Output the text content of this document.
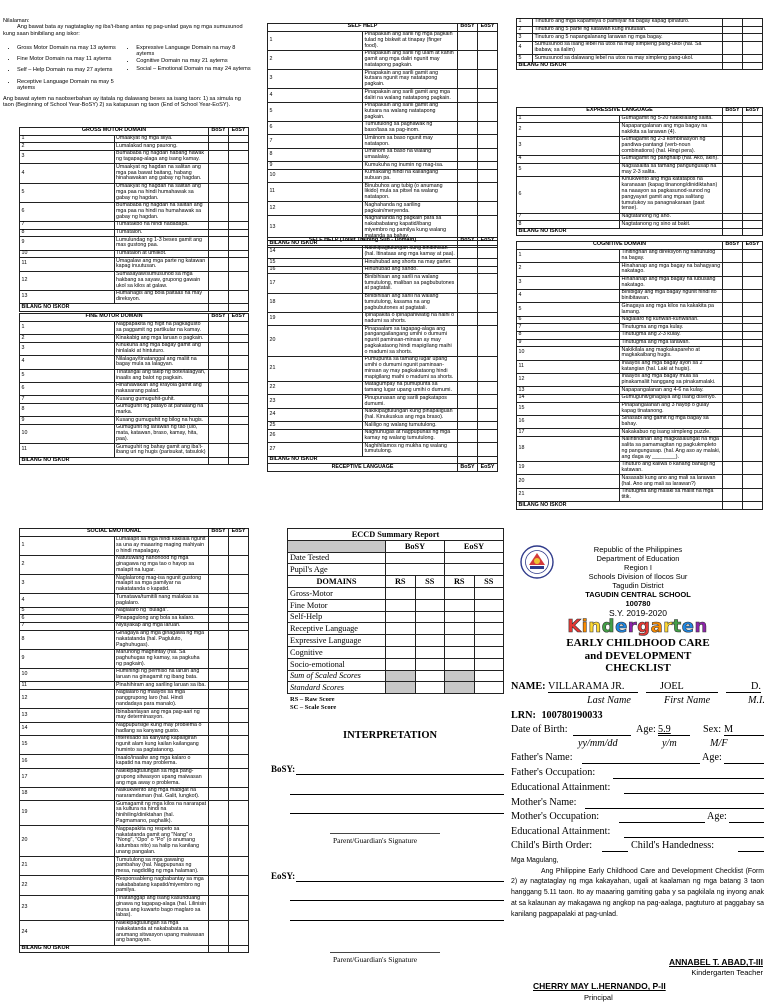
Nilalaman:
Ang bawat bata ay nagtataglay ng iba't-ibang antas ng pag-unlad gaya ng mga sumusunod kung saan binibilang ang iskor:
• Gross Motor Domain na may 13 aytems
• Fine Motor Domain na may 11 aytems
• Self – Help Domain na may 27 aytems
• Receptive Language Domain na may 5 aytems
• Expressive Language Domain na may 8 aytems
• Cognitive Domain na may 21 aytems
• Social – Emotional Domain na may 24 aytems
Ang bawat aytem na naobserbahan ay itatala ng dalawang beses sa isang taon: 1) sa simula ng taon (Beginning of School Year-BoSY) 2) sa katapusan ng taon (End of School Year-EoSY).
GROSS MOTOR DOMAIN		BoSY	EoSY
1	Umaakyat ng mga silya.		
2	Lumalakad nang paurong.		
3	Bumababa ng hagdan habang hawak ng tagapag-alaga ang isang kamay.		
4	Umaakyat ng hagdan na salitan ang mga paa bawat baitang, habang hinahawakan ang gabay ng hagdan.		
5	Umaakyat ng hagdan na salitan ang mga paa na hindi humahawak sa gabay ng hagdan.		
6	Bumababa ng hagdan na salitan ang mga paa na hindi na humahawak sa gabay ng hagdan.		
7	Tumatakbo na hindi nadadapa.		
8	Tumatalon.		
9	Lumulundag ng 1-3 beses gamit ang mas gustong paa.		
10	Tumatalon at umiikot.		
11	Umagalaw ang mga parte ng katawan kapag inuutusan.		
12	Sumasayaw/sumusunod sa mga hakbang sa sayaw, grupong gawain ukol sa kilos at galaw.		
13	Humahagis ang bola paitaas na may direksyon.		
BILANG NO ISKOR			
FINE MOTOR DOMAIN		BoSY	EoSY
1	Nagpapakita ng higit na pagkagusto sa paggamit ng partikular na kamay.		
2	Kinakabig ang mga laruan o pagkain.		
3	Kinukuha ang mga bagay gamit ang hinlalaki at hintuturo.		
4	Nilalagay/tinatanggal ang maliit na bagay mula sa lalagyan.		
5	Tinatangal ang takip ng bote/lalagyan, inaalis ang balot ng pagkain.		
6	Hinahawakan ang krayola gamit ang nakasarang palad.		
7	Kusang gumuguhit-guhit.		
8	Gumuguhit ng patayo at pahalang na marka.		
9	Kusang gumuguhit ng bilog na hugis.		
10	Gumuguhit ng larawan ng tao (ulo, mata, katawan, braso, kamay, hita, paa).		
11	Gumuguhit ng bahay gamit ang iba't-ibang uri ng hugis (parisukat, tatsulok)		
BILANG NO ISKOR			
SELF HELP		BoSY	EoSY
1	Pinapakain ang sarili ng mga pagkain tulad ng biskwit at tinapay (finger food).		
2	Pinapakain ang sarili ng ulam at kanin gamit ang mga daliri ngunit may natatapong pagkain.		
3	Pinapakain ang sarili gamit ang kutsara ngunit may natatapong pagkain.		
4	Pinapakain ang sarili gamit ang mga daliri na walang natatapong pagkain.		
5	Pinapakain ang sarili gamit ang kutsara na walang natatapong pagkain.		
6	Tumutulong sa paghawak ng baso/tasa sa pag-inom.		
7	Umiinom sa baso ngunit may natatapon.		
8	Umiinom sa baso na walang umaalalay.		
9	Kumukuha ng inumin ng mag-isa.		
10	Kumakaing hindi na kailangang subuan pa.		
11	Binubuhos ang tubig (o anumang likido) mula sa pitsel na walang natatapon.		
12	Naghahanda ng sariling pagkain/meryenda.		
13	Naghahanda ng pagkain para sa nakababatang kapatid/ibang miyembro ng pamilya kung walang matanda sa bahay.		
BILANG NO ISKOR			
SELF HELP (Toilet Training Sub - Domain)		BoSY	EoSY
14	Nakikipagtulungan kung binibihisan (hal. Itinataas ang mga kamay at paa).		
15	Hinuhubad ang shorts na may garter.		
16	Hinuhubad ang sando.		
17	Binibihisan ang sarili na walang tumutulong, maliban sa pagbubutones at pagtatali.		
18	Binibihisan ang sarili na walang tumutulong, kasama na ang pagbubutones at pagtatali.		
19	Ipinapakita o ipinapahiwatig na naihi o nadumi sa shorts.		
20	Pinapaalam sa tagapag-alaga ang pangangailangang umihi o dumumi ngunit paminsan-minsan ay may pagkakataong hindi mapigilang maihi o madumi sa shorts.		
21	Pumupunta sa tamang lugar upang umihi o dumumi ngunit paminsan-minsan ay may pagkakataong hindi mapigilang maihi o madumi sa shorts.		
22	Matagumpay na pumupunta sa tamang lugar upang umihi o dumumi.		
23	Pinupunasan ang sarili pagkatapos dumumi.		
24	Nakikipagtulungan kung pinapaliguan (hal. Kinukuskus ang mga braso).		
25	Naliligo ng walang tumutulong.		
26	Naghuhugas at nagpupunas ng mga kamay ng walang tumutulong.		
27	Naghihilamos ng mukha ng walang tumutulong.		
BILANG NO ISKOR			
RECEPTIVE LANGUAGE		BoSY	EoSY
1	Tinuturo ang mga kapamilya o pamilyar na bagay kapag ipinaturo.		
2	Tinuturo ang 5 parte ng katawan kung inutusan.		
3	Tinuturo ang 5 napangalanang larawan ng mga bagay.		
4	Sumusunod sa isang lebel na utos na may simpleng pang-ukol (hal. Sa ibabaw, sa ilalim)		
5	Sumusunod sa dalawang lebel na utos na may simpleng pang-ukol.		
BILANG NO ISKOR			
EXPRESSIVE LANGUAGE		BoSY	EoSY
1	Gumagamit ng 5-20 nakikilalang salita.		
2	Napapangalanan ang mga bagay na nakikita sa larawan (4).		
3	Gumagamit ng 2-3 kombinasyon ng pandiwa-pantangi (verb-noun combinations) (hal. Hingi pera).		
4	Gumagamit ng panghalip (hal. Ako, akin).		
5	Nagsasalita sa tamang pangungusap na may 2-3 salita.		
6	Kinukwento ang mga katatapos na karanasan (kapag tinanong/dinidiktahan) na naaayon sa pagkasunod-sunod ng pangyayari gamit ang mga salitang tumutukoy sa panagnakaraan (past tense).		
7	Nagtatanong ng ano.		
8	Nagtatanong ng sino at bakit.		
BILANG NO ISKOR			
COGNITIVE DOMAIN		BoSY	EoSY
1	Tinitingnan ang direksyon ng nahuhulog na bagay.		
2	Hinahanap ang mga bagay na bahagyang nakatago.		
3	Hinahanap ang mga bagay na lubusang nakatago.		
4	Binibigay ang mga bagay ngunit hindi ito binibitawan.		
5	Ginagaya ang mga kilos na kakakita pa lamang.		
6	Naglalaro ng kunwari-kunwarian.		
7	Tinutugma ang mga kulay.		
8	Tinutugma ang 2-3 kulay.		
9	Tinutugma ang mga larawan.		
10	Nakikilala ang magkakapareho at magkakaibang hugis.		
11	Inaayos ang mga bagay ayon sa 2 katangian (hal. Laki at hugis).		
12	Inaayos ang mga bagay mula sa pinakamaliit hanggang sa pinakamalaki.		
13	Napapangalanan ang 4-6 na kulay.		
14	Gumuguhit/ginagaya ang isang disenyo.		
15	Pinapangalanan ang 3 hayop o gulay kapag tinatanong.		
16	Sinasabi ang gamit ng mga bagay sa bahay.		
17	Nakakabuo ng isang simpleng puzzle.		
18	Naiintindihan ang magkasalungat na mga salita sa pamamagitan ng pagkukmpleto ng pangungusap. (hal. Ang aso ay malaki, ang daga ay ________).		
19	Tinuturo ang kaliwa o kanang bahagi ng katawan.		
20	Nasasabi kung ano ang mali sa larawan (hal. Ano ang mali sa larawan?)		
21	Tinutugma ang malaki sa maliit na mga titik.		
BILANG NO ISKOR			
SOCIAL EMOTIONAL		BoSY	EoSY
1	Lumalapit sa mga hindi kakilala ngunit sa una ay maaaring maging mahiyain o hindi mapalagay.		
2	Natutuwang nanonood ng mga ginagawa ng mga tao o hayop sa malapit na lugar.		
3	Naglalarong mag-isa ngunit gustong malapit sa mga pamilyar na nakatatanda o kapatid.		
4	Tumatawa/tumitili nang malakas sa paglalaro.		
5	Naglalaro ng "bulaga".		
6	Pinapagulong ang bola sa kalaro.		
7	Niyayakap ang mga laruan.		
8	Ginagaya ang mga ginagawa ng mga nakatatanda (hal. Pagluluto, Paghuhugas).		
9	Marunong maghintay (hal. Sa paghuhugas ng kamay, sa pagkuha ng pagkain).		
10	Humihingi ng permiso na laruin ang laruan na ginagamit ng ibang bata.		
11	Pinahihiram ang sariling laruan sa iba.		
12	Naglalaro ng maayos sa mga panggrupong laro (hal. Hindi nandadaya para manalo).		
13	Ibinabantayan ang mga pag-aari ng may determinasyon.		
14	Nagpupursige kung may problema o hadlang sa kanyang gusto.		
15	Interesado sa kanyang kapaligiran ngunit alam kung kailan kailangang huminto sa pagtatanong.		
16	Inaalo/inaaliw ang mga kalaro o kapatid na may problema.		
17	Nakikipagtulungan sa mga pang-grupong sitwasyon upang maiwasan ang mga away o problema.		
18	Naikukwento ang mga mabigat na nararamdaman (hal. Galit, lungkot).		
19	Gumagamit ng mga kilos na nararapat sa kultura na hindi na hinihiling/diniktahan (hal. Pagmamano, paghalik).		
20	Nagpapakita ng respeto sa nakatatanda gamit ang "Nang" o "Nong", "Opo" o "Po" (o anumang katumbas nito) sa halip na kanilang unang pangalan.		
21	Tumutulong sa mga gawaing pambahay (hal. Nagpupunas ng mesa, nagdidilig ng mga halaman).		
22	Responsableng nagbabantay sa mga nakababatang kapatid/miyembro ng pamilya.		
23	Tinatanggap ang isang kasunduang ginawa ng tagapag-alaga (hal. Lilinisin muna ang kuwarto bago maglaro sa labas).		
24	Nakikipagtulungan sa mga nakakatanda at nakababata sa anumang sitwasyon upang maiwasan ang bangayan.		
BILANG NO ISKOR			
ECCD Summary Report				
	BoSY		EoSY	
Date Tested				
Pupil's Age				
DOMAINS	RS	SS	RS	SS
Gross-Motor				
Fine Motor				
Self-Help				
Receptive Language				
Expressive Language				
Cognitive				
Socio-emotional				
Sum of Scaled Scores				
Standard Scores				
RS – Raw Score
SC – Scale Score
INTERPRETATION
BoSY:
Parent/Guardian's Signature
EoSY:
Parent/Guardian's Signature
Republic of the Philippines
Department of Education
Region I
Schools Division of Ilocos Sur
Tagudin District
TAGUDIN CENTRAL SCHOOL
100780
S.Y. 2019-2020
Kindergarten
EARLY CHILDHOOD CARE
and DEVELOPMENT
CHECKLIST
NAME: VILLARAMA JR.	JOEL	D.
Last Name	First Name	M.I.
LRN: 100780190033
Date of Birth:	Age: 5.9	Sex: M
yy/mm/dd	y/m	M/F
Father's Name:	Age:
Father's Occupation:
Educational Attainment:
Mother's Name:
Mother's Occupation:	Age:
Educational Attainment:
Child's Birth Order:	Child's Handedness:
Mga Magulang,
Ang Philippine Early Childhood Care and Development Checklist (Form 2) ay nagtataglay ng mga kakayahan, ugali at kaalaman ng mga batang 3 taon hanggang 5.11 taon. Ito ay maaaring gamiting gaba y sa pagkilala ng inyong anak at sa kalaunan ay makagawa ng angkop na pag-aalaga, pagtuturo at paggabay sa kanilang pagpapalaki at pag-unlad.
ANNABEL T. ABAD,T-III
Kindergarten Teacher
CHERRY MAY L.HERNANDO, P-II
Principal
